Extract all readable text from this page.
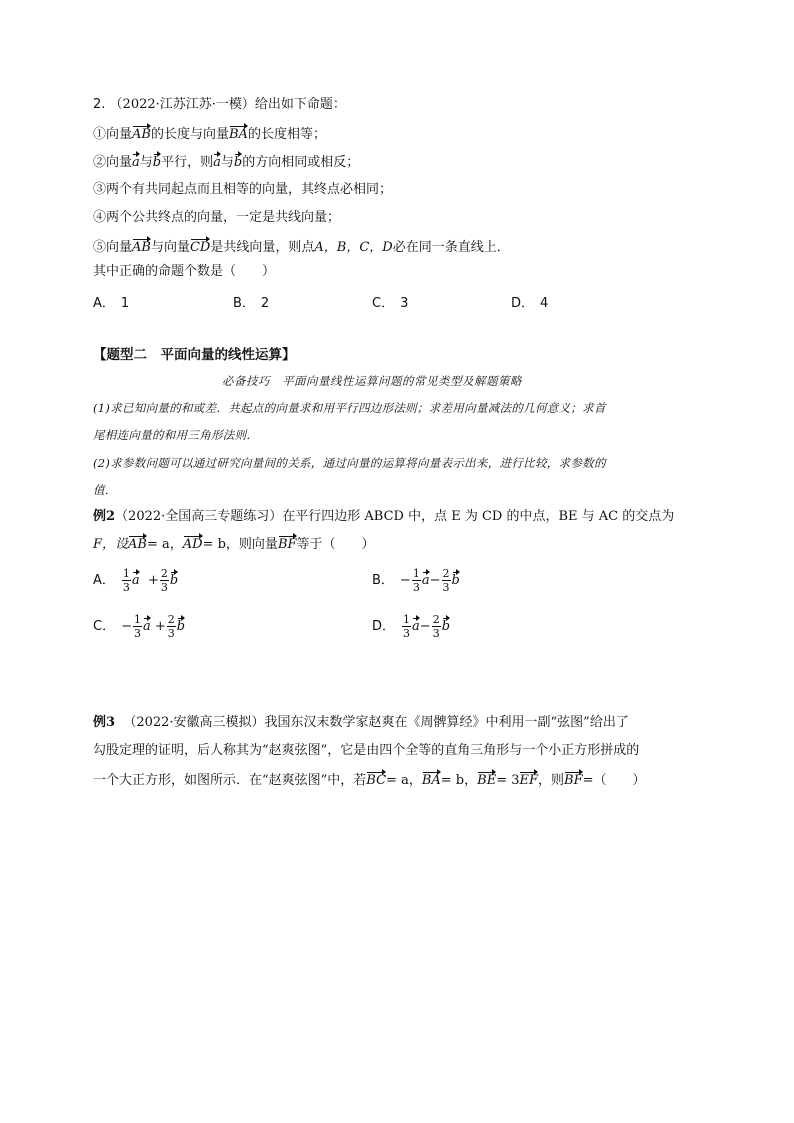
2. （2022·江苏江苏·一模）给出如下命题：
①向量AB的长度与向量BA的长度相等；
②向量a与b平行，则a与b的方向相同或相反；
③两个有共同起点而且相等的向量，其终点必相同；
④两个公共终点的向量，一定是共线向量；
⑤向量AB与向量CD是共线向量，则点A，B，C，D必在同一条直线上．
其中正确的命题个数是（　　）
A． 1	B． 2	C． 3	D． 4
【题型二　平面向量的线性运算】
必备技巧　平面向量线性运算问题的常见类型及解题策略
(1)求已知向量的和或差．共起点的向量求和用平行四边形法则；求差用向量减法的几何意义；求首
尾相连向量的和用三角形法则．
(2)求参数问题可以通过研究向量间的关系，通过向量的运算将向量表示出来，进行比较，求参数的
值．
例2（2022·全国高三专题练习）在平行四边形 ABCD 中，点 E 为 CD 的中点，BE 与 AC 的交点为
F，设AB= a，AD= b，则向量BF等于（　　）
A． $\frac{1}{3}$ $a + \frac{2}{3}$ b	B． − $\frac{1}{3} a- \frac{2}{3}$ b
C． − $\frac{1}{3}$ $a + \frac{2}{3}$ b	D． $\frac{1}{3} a- \frac{2}{3}$ b
例3 （2022·安徽高三模拟）我国东汉末数学家赵爽在《周髀算经》中利用一副“弦图”给出了
勾股定理的证明，后人称其为“赵爽弦图”，它是由四个全等的直角三角形与一个小正方形拼成的
一个大正方形，如图所示．在“赵爽弦图”中，若BC= a，BA= b，BE= 3EF，则BF=（　　）
